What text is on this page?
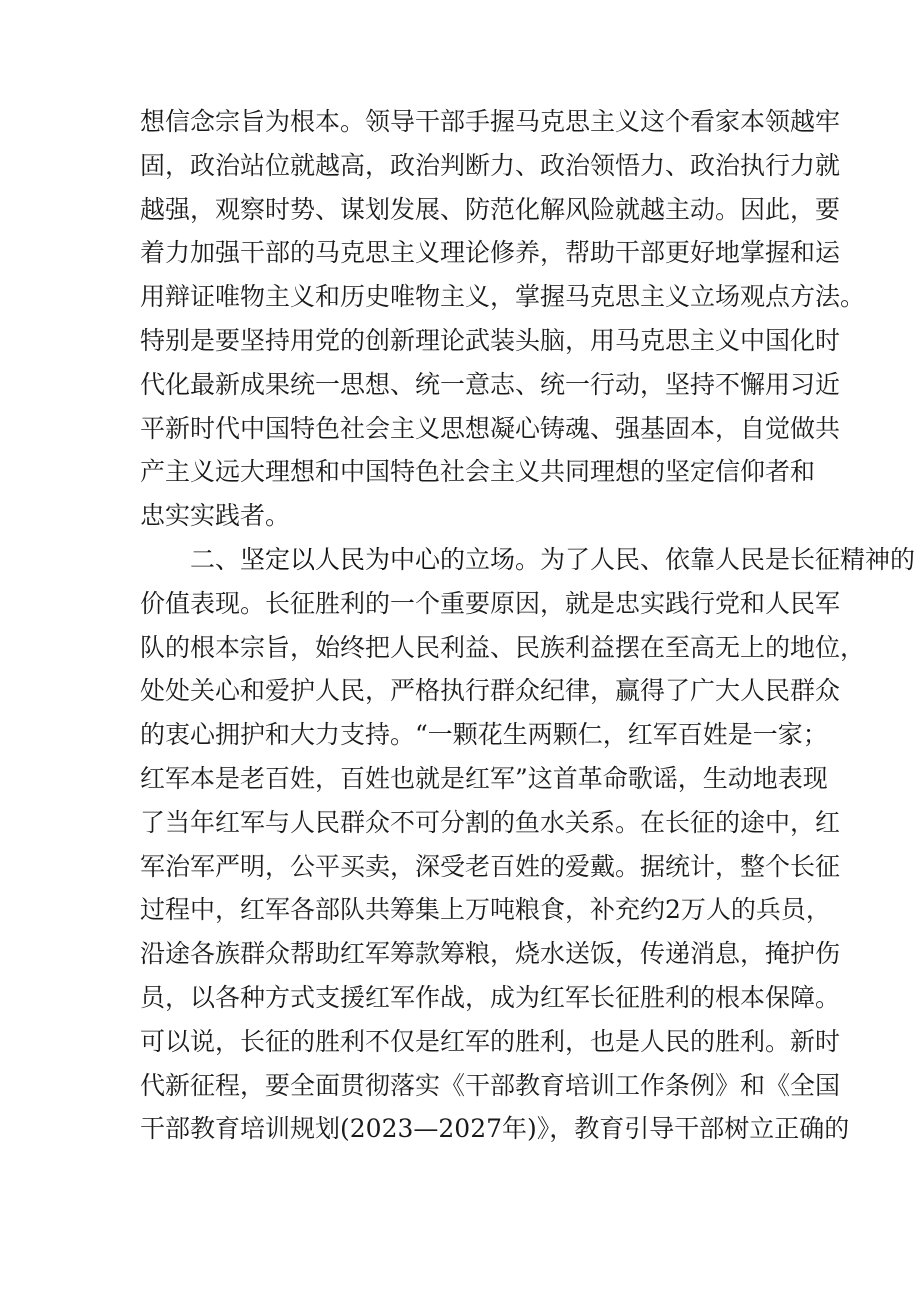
想信念宗旨为根本。领导干部手握马克思主义这个看家本领越牢
固，政治站位就越高，政治判断力、政治领悟力、政治执行力就
越强，观察时势、谋划发展、防范化解风险就越主动。因此，要
着力加强干部的马克思主义理论修养，帮助干部更好地掌握和运
用辩证唯物主义和历史唯物主义，掌握马克思主义立场观点方法。
特别是要坚持用党的创新理论武装头脑，用马克思主义中国化时
代化最新成果统一思想、统一意志、统一行动，坚持不懈用习近
平新时代中国特色社会主义思想凝心铸魂、强基固本，自觉做共
产主义远大理想和中国特色社会主义共同理想的坚定信仰者和
忠实实践者。
二、坚定以人民为中心的立场。为了人民、依靠人民是长征精神的
价值表现。长征胜利的一个重要原因，就是忠实践行党和人民军
队的根本宗旨，始终把人民利益、民族利益摆在至高无上的地位，
处处关心和爱护人民，严格执行群众纪律，赢得了广大人民群众
的衷心拥护和大力支持。“一颗花生两颗仁，红军百姓是一家；
红军本是老百姓，百姓也就是红军”这首革命歌谣，生动地表现
了当年红军与人民群众不可分割的鱼水关系。在长征的途中，红
军治军严明，公平买卖，深受老百姓的爱戴。据统计，整个长征
过程中，红军各部队共筹集上万吨粮食，补充约2万人的兵员，
沿途各族群众帮助红军筹款筹粮，烧水送饭，传递消息，掩护伤
员，以各种方式支援红军作战，成为红军长征胜利的根本保障。
可以说，长征的胜利不仅是红军的胜利，也是人民的胜利。新时
代新征程，要全面贯彻落实《干部教育培训工作条例》和《全国
干部教育培训规划(2023—2027年)》，教育引导干部树立正确的
